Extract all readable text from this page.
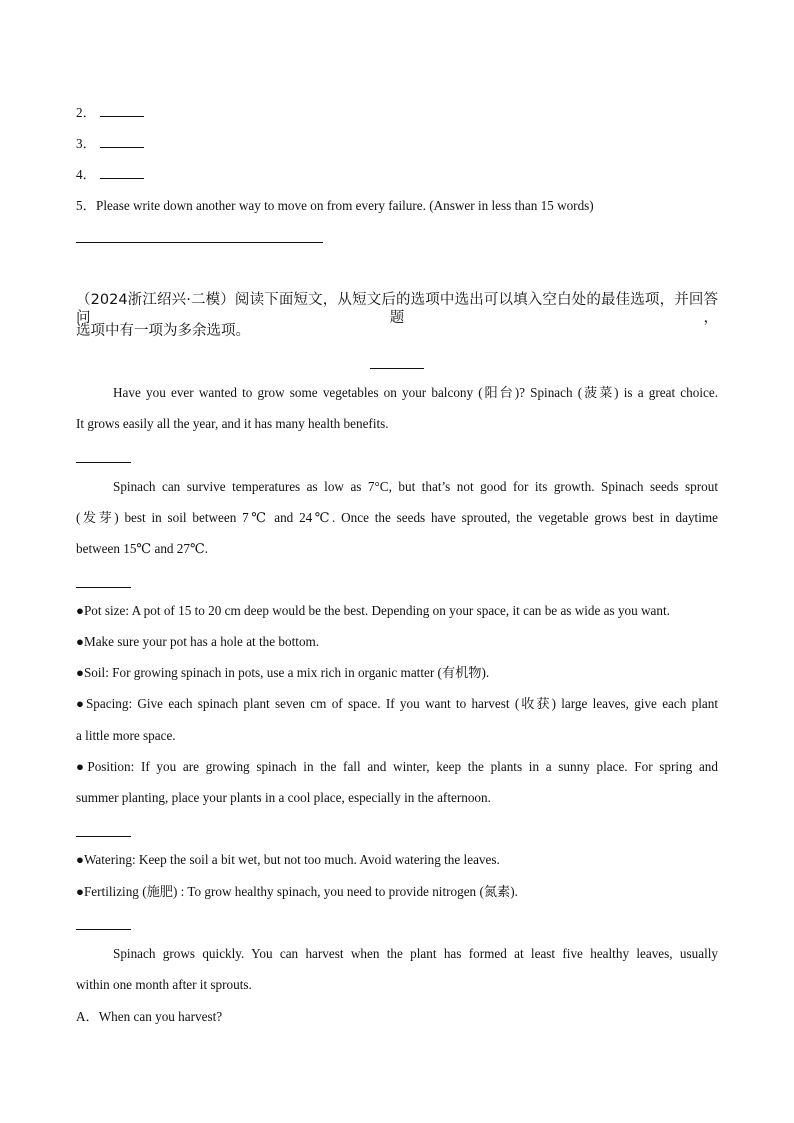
2．
3．
4．
5．Please write down another way to move on from every failure. (Answer in less than 15 words)
（2024浙江绍兴·二模）阅读下面短文，从短文后的选项中选出可以填入空白处的最佳选项，并回答问题，
选项中有一项为多余选项。
Have you ever wanted to grow some vegetables on your balcony (阳台)? Spinach (菠菜) is a great choice.
It grows easily all the year, and it has many health benefits.
Spinach can survive temperatures as low as 7°C, but that’s not good for its growth. Spinach seeds sprout
(发芽) best in soil between 7℃ and 24℃. Once the seeds have sprouted, the vegetable grows best in daytime
between 15℃ and 27℃.
●Pot size: A pot of 15 to 20 cm deep would be the best. Depending on your space, it can be as wide as you want.
●Make sure your pot has a hole at the bottom.
●Soil: For growing spinach in pots, use a mix rich in organic matter (有机物).
●Spacing: Give each spinach plant seven cm of space. If you want to harvest (收获) large leaves, give each plant
a little more space.
●Position: If you are growing spinach in the fall and winter, keep the plants in a sunny place. For spring and
summer planting, place your plants in a cool place, especially in the afternoon.
●Watering: Keep the soil a bit wet, but not too much. Avoid watering the leaves.
●Fertilizing (施肥) : To grow healthy spinach, you need to provide nitrogen (氮素).
Spinach grows quickly. You can harvest when the plant has formed at least five healthy leaves, usually
within one month after it sprouts.
A．When can you harvest?
